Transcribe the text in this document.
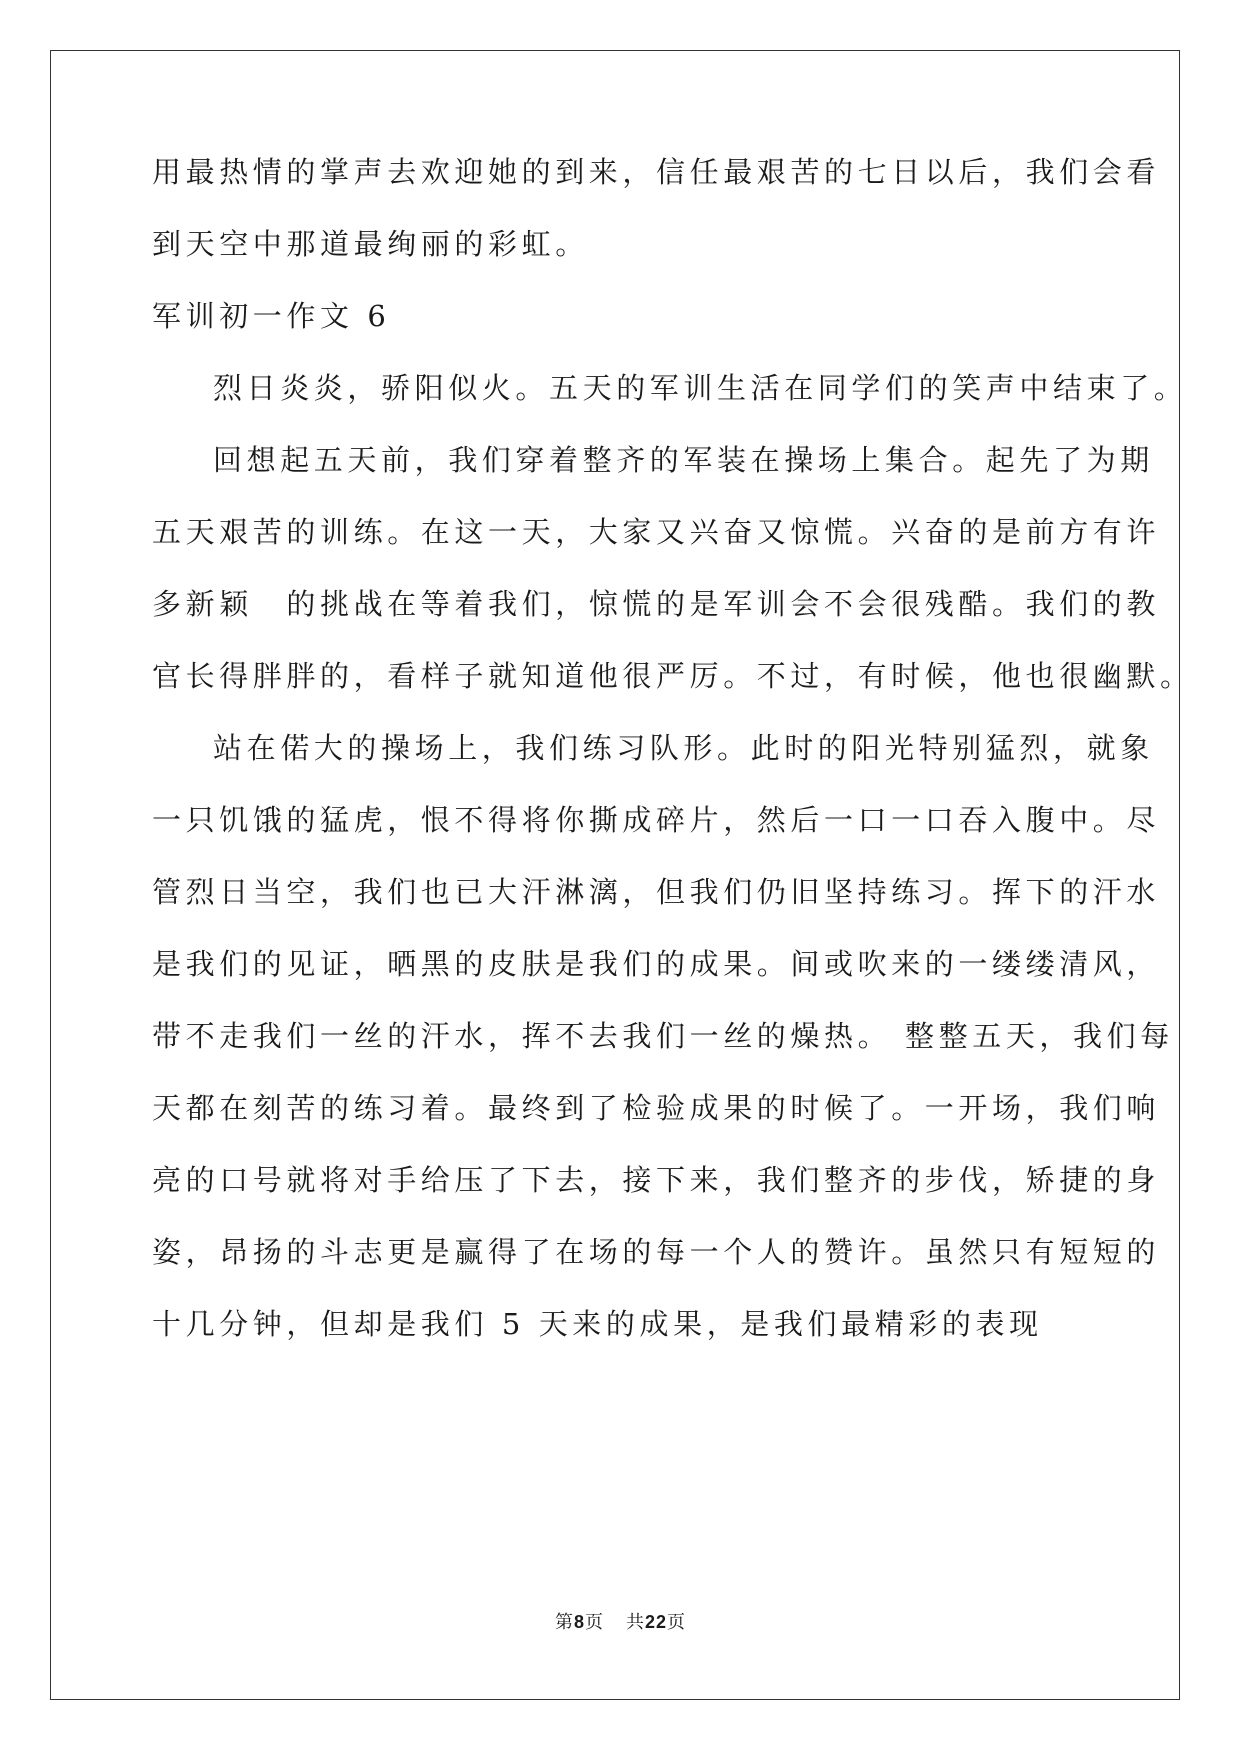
用最热情的掌声去欢迎她的到来，信任最艰苦的七日以后，我们会看
到天空中那道最绚丽的彩虹。
军训初一作文 6
烈日炎炎，骄阳似火。五天的军训生活在同学们的笑声中结束了。
回想起五天前，我们穿着整齐的军装在操场上集合。起先了为期
五天艰苦的训练。在这一天，大家又兴奋又惊慌。兴奋的是前方有许
多新颖　的挑战在等着我们，惊慌的是军训会不会很残酷。我们的教
官长得胖胖的，看样子就知道他很严厉。不过，有时候，他也很幽默。
站在偌大的操场上，我们练习队形。此时的阳光特别猛烈，就象
一只饥饿的猛虎，恨不得将你撕成碎片，然后一口一口吞入腹中。尽
管烈日当空，我们也已大汗淋漓，但我们仍旧坚持练习。挥下的汗水
是我们的见证，晒黑的皮肤是我们的成果。间或吹来的一缕缕清风，
带不走我们一丝的汗水，挥不去我们一丝的燥热。 整整五天，我们每
天都在刻苦的练习着。最终到了检验成果的时候了。一开场，我们响
亮的口号就将对手给压了下去，接下来，我们整齐的步伐，矫捷的身
姿，昂扬的斗志更是赢得了在场的每一个人的赞许。虽然只有短短的
十几分钟，但却是我们 5 天来的成果，是我们最精彩的表现
第8页 共22页
